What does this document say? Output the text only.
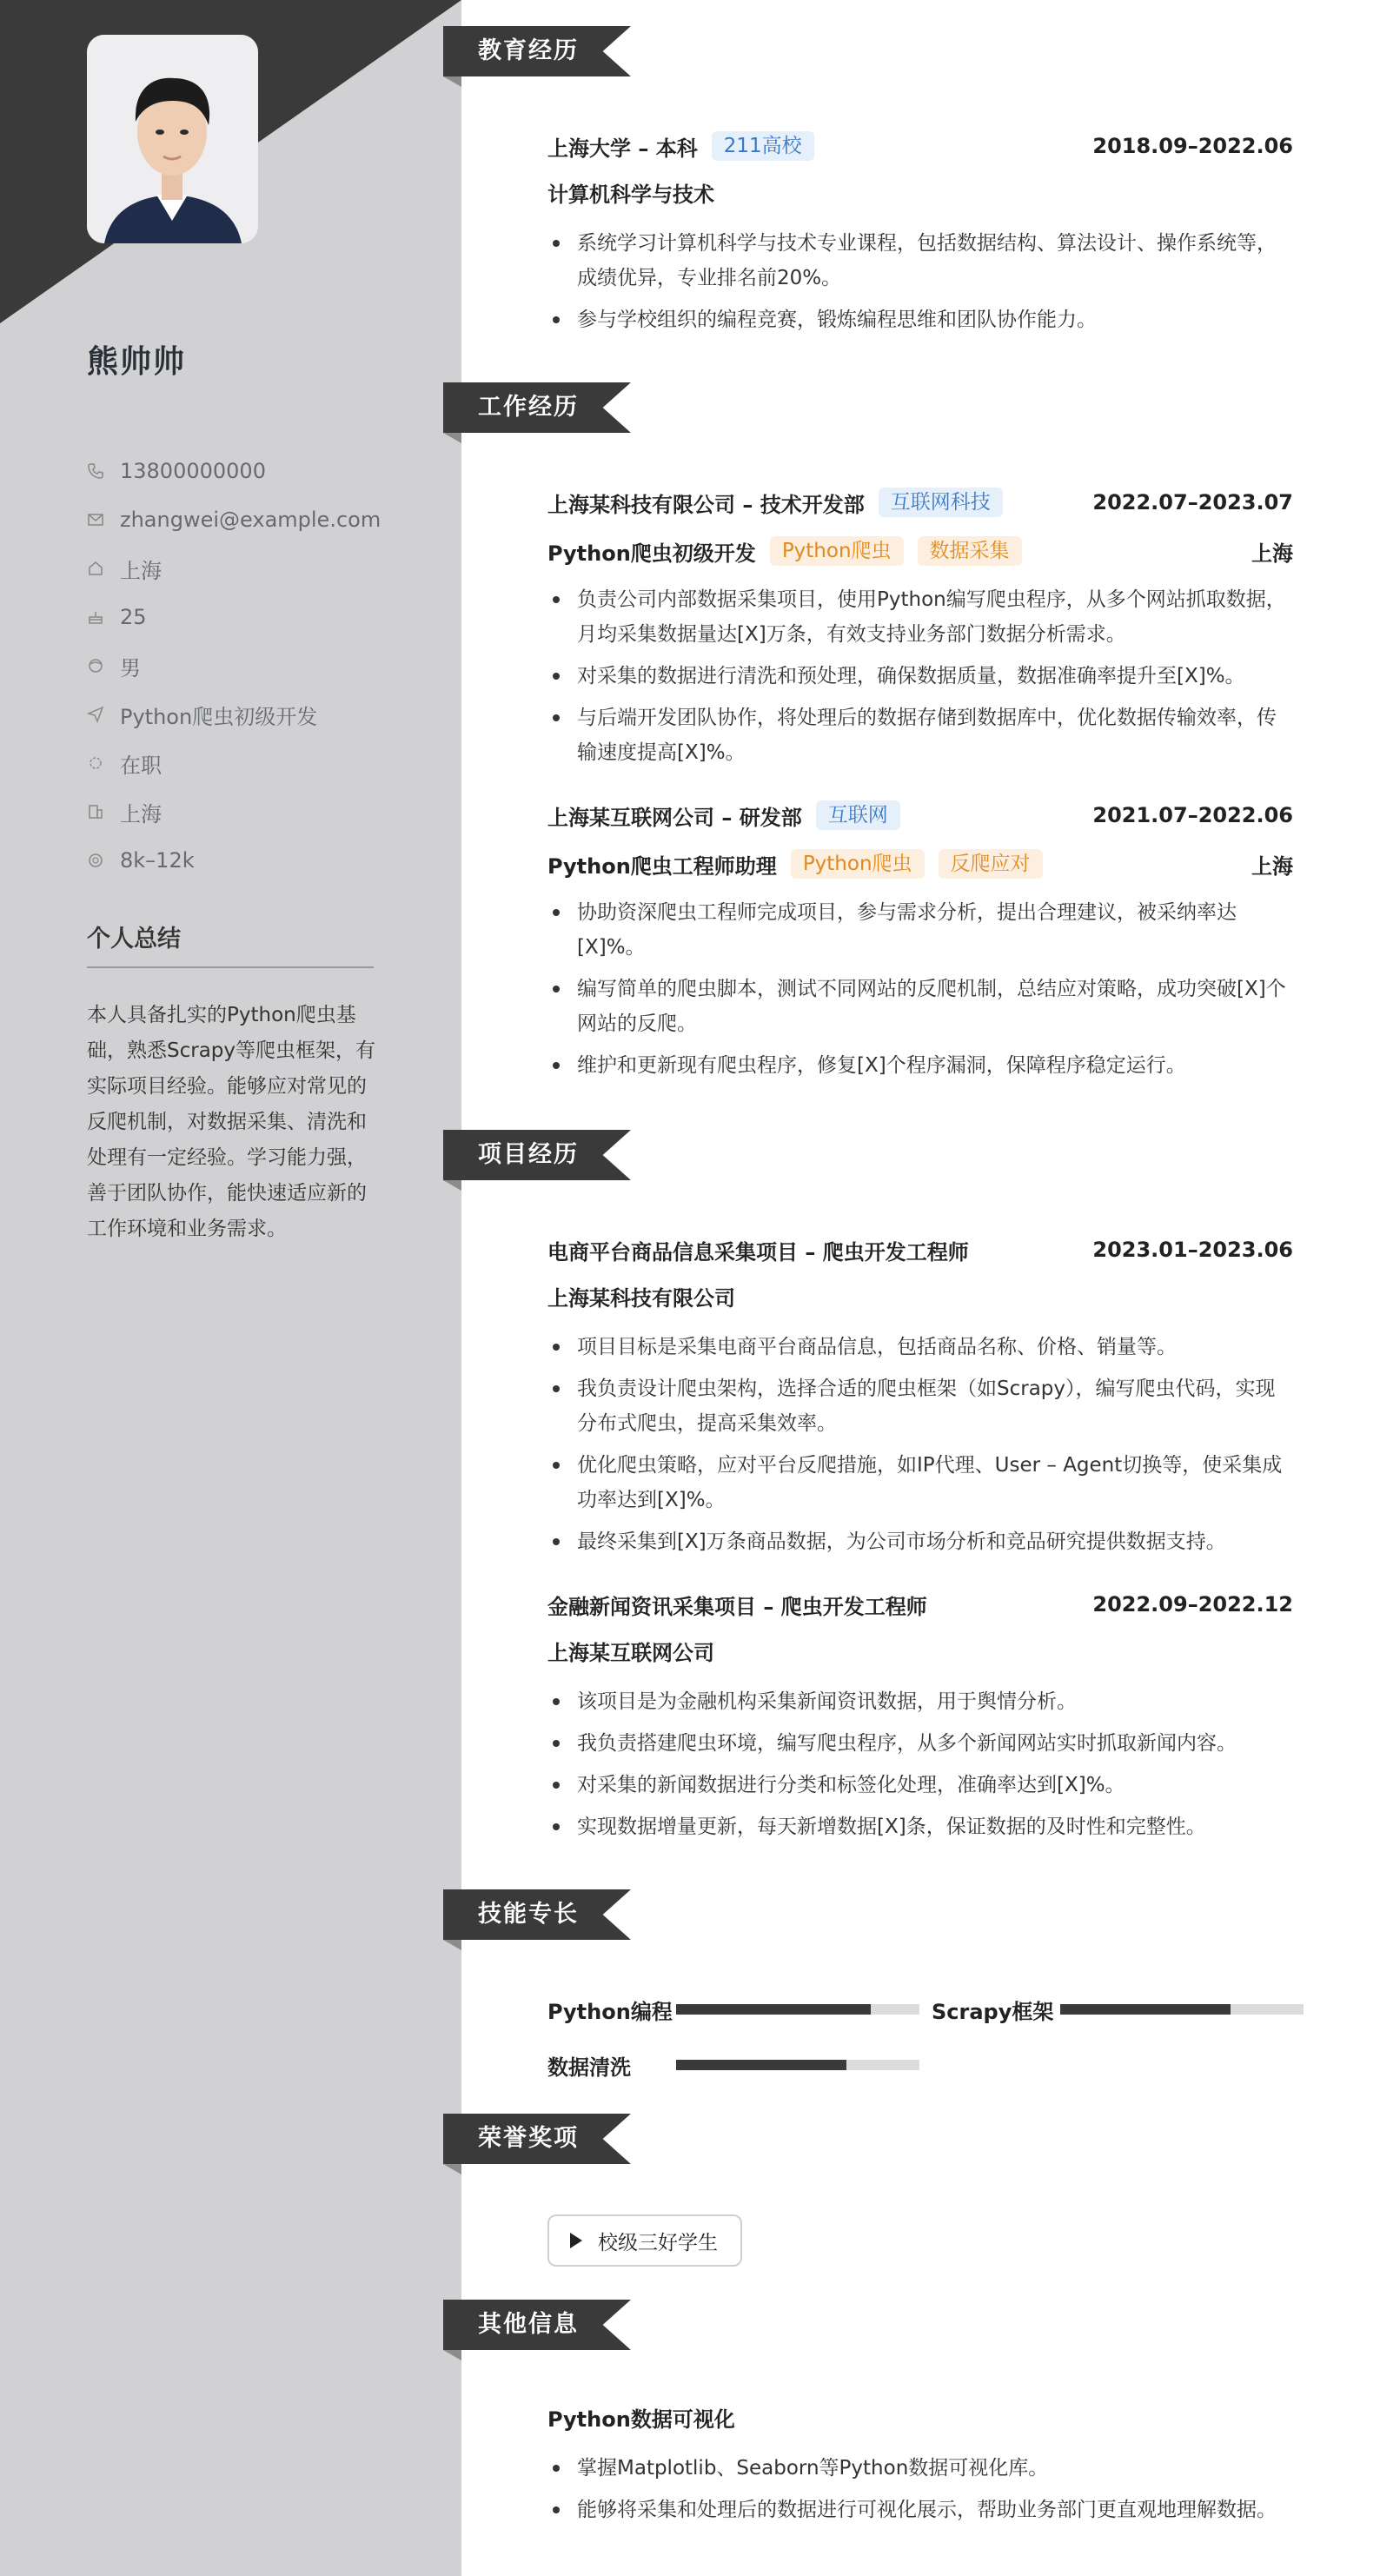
熊帅帅
13800000000
zhangwei@example.com
上海
25
男
Python爬虫初级开发
在职
上海
8k–12k
个人总结
本人具备扎实的Python爬虫基础，熟悉Scrapy等爬虫框架，有实际项目经验。能够应对常见的反爬机制，对数据采集、清洗和处理有一定经验。学习能力强，善于团队协作，能快速适应新的工作环境和业务需求。
教育经历
上海大学 – 本科	211高校	2018.09–2022.06
计算机科学与技术
系统学习计算机科学与技术专业课程，包括数据结构、算法设计、操作系统等，成绩优异，专业排名前20%。
参与学校组织的编程竞赛，锻炼编程思维和团队协作能力。
工作经历
上海某科技有限公司 – 技术开发部	互联网科技	2022.07–2023.07
Python爬虫初级开发	Python爬虫	数据采集	上海
负责公司内部数据采集项目，使用Python编写爬虫程序，从多个网站抓取数据，月均采集数据量达[X]万条，有效支持业务部门数据分析需求。
对采集的数据进行清洗和预处理，确保数据质量，数据准确率提升至[X]%。
与后端开发团队协作，将处理后的数据存储到数据库中，优化数据传输效率，传输速度提高[X]%。
上海某互联网公司 – 研发部	互联网	2021.07–2022.06
Python爬虫工程师助理	Python爬虫	反爬应对	上海
协助资深爬虫工程师完成项目，参与需求分析，提出合理建议，被采纳率达[X]%。
编写简单的爬虫脚本，测试不同网站的反爬机制，总结应对策略，成功突破[X]个网站的反爬。
维护和更新现有爬虫程序，修复[X]个程序漏洞，保障程序稳定运行。
项目经历
电商平台商品信息采集项目 – 爬虫开发工程师	2023.01–2023.06
上海某科技有限公司
项目目标是采集电商平台商品信息，包括商品名称、价格、销量等。
我负责设计爬虫架构，选择合适的爬虫框架（如Scrapy），编写爬虫代码，实现分布式爬虫，提高采集效率。
优化爬虫策略，应对平台反爬措施，如IP代理、User – Agent切换等，使采集成功率达到[X]%。
最终采集到[X]万条商品数据，为公司市场分析和竞品研究提供数据支持。
金融新闻资讯采集项目 – 爬虫开发工程师	2022.09–2022.12
上海某互联网公司
该项目是为金融机构采集新闻资讯数据，用于舆情分析。
我负责搭建爬虫环境，编写爬虫程序，从多个新闻网站实时抓取新闻内容。
对采集的新闻数据进行分类和标签化处理，准确率达到[X]%。
实现数据增量更新，每天新增数据[X]条，保证数据的及时性和完整性。
技能专长
Python编程	Scrapy框架
数据清洗
荣誉奖项
校级三好学生
其他信息
Python数据可视化
掌握Matplotlib、Seaborn等Python数据可视化库。
能够将采集和处理后的数据进行可视化展示，帮助业务部门更直观地理解数据。
